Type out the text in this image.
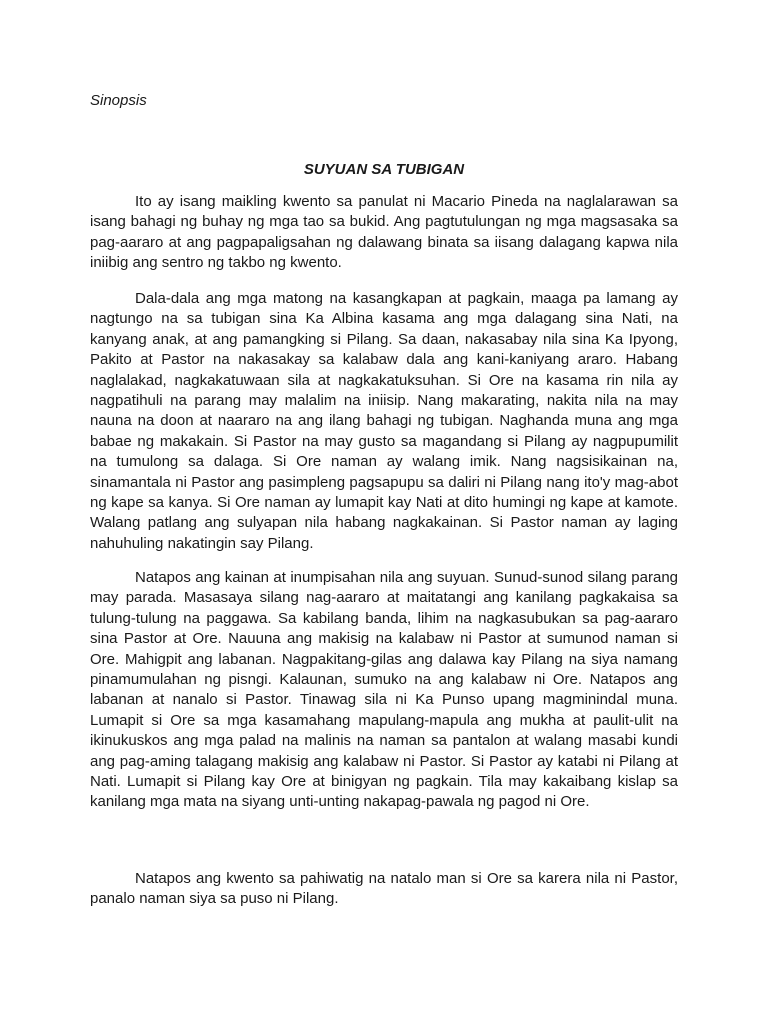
Sinopsis
SUYUAN SA TUBIGAN

Ito ay isang maikling kwento sa panulat ni Macario Pineda na naglalarawan sa isang bahagi ng buhay ng mga tao sa bukid. Ang pagtutulungan ng mga magsasaka sa pag-aararo at ang pagpapaligsahan ng dalawang binata sa iisang dalagang kapwa nila iniibig ang sentro ng takbo ng kwento.

Dala-dala ang mga matong na kasangkapan at pagkain, maaga pa lamang ay nagtungo na sa tubigan sina Ka Albina kasama ang mga dalagang sina Nati, na kanyang anak, at ang pamangking si Pilang. Sa daan, nakasabay nila sina Ka Ipyong, Pakito at Pastor na nakasakay sa kalabaw dala ang kani-kaniyang araro. Habang naglalakad, nagkakatuwaan sila at nagkakatuksuhan. Si Ore na kasama rin nila ay nagpatihuli na parang may malalim na iniisip. Nang makarating, nakita nila na may nauna na doon at naararo na ang ilang bahagi ng tubigan. Naghanda muna ang mga babae ng makakain. Si Pastor na may gusto sa magandang si Pilang ay nagpupumilit na tumulong sa dalaga. Si Ore naman ay walang imik. Nang nagsisikainan na, sinamantala ni Pastor ang pasimpleng pagsapupu sa daliri ni Pilang nang ito'y mag-abot ng kape sa kanya. Si Ore naman ay lumapit kay Nati at dito humingi ng kape at kamote. Walang patlang ang sulyapan nila habang nagkakainan. Si Pastor naman ay laging nahuhuling nakatingin say Pilang.

Natapos ang kainan at inumpisahan nila ang suyuan. Sunud-sunod silang parang may parada. Masasaya silang nag-aararo at maitatangi ang kanilang pagkakaisa sa tulung-tulung na paggawa. Sa kabilang banda, lihim na nagkasubukan sa pag-aararo sina Pastor at Ore. Nauuna ang makisig na kalabaw ni Pastor at sumunod naman si Ore. Mahigpit ang labanan. Nagpakitang-gilas ang dalawa kay Pilang na siya namang pinamumulahan ng pisngi. Kalaunan, sumuko na ang kalabaw ni Ore. Natapos ang labanan at nanalo si Pastor. Tinawag sila ni Ka Punso upang magminindal muna. Lumapit si Ore sa mga kasamahang mapulang-mapula ang mukha at paulit-ulit na ikinukuskos ang mga palad na malinis na naman sa pantalon at walang masabi kundi ang pag-aming talagang makisig ang kalabaw ni Pastor. Si Pastor ay katabi ni Pilang at Nati. Lumapit si Pilang kay Ore at binigyan ng pagkain. Tila may kakaibang kislap sa kanilang mga mata na siyang unti-unting nakapag-pawala ng pagod ni Ore.

Natapos ang kwento sa pahiwatig na natalo man si Ore sa karera nila ni Pastor, panalo naman siya sa puso ni Pilang.
